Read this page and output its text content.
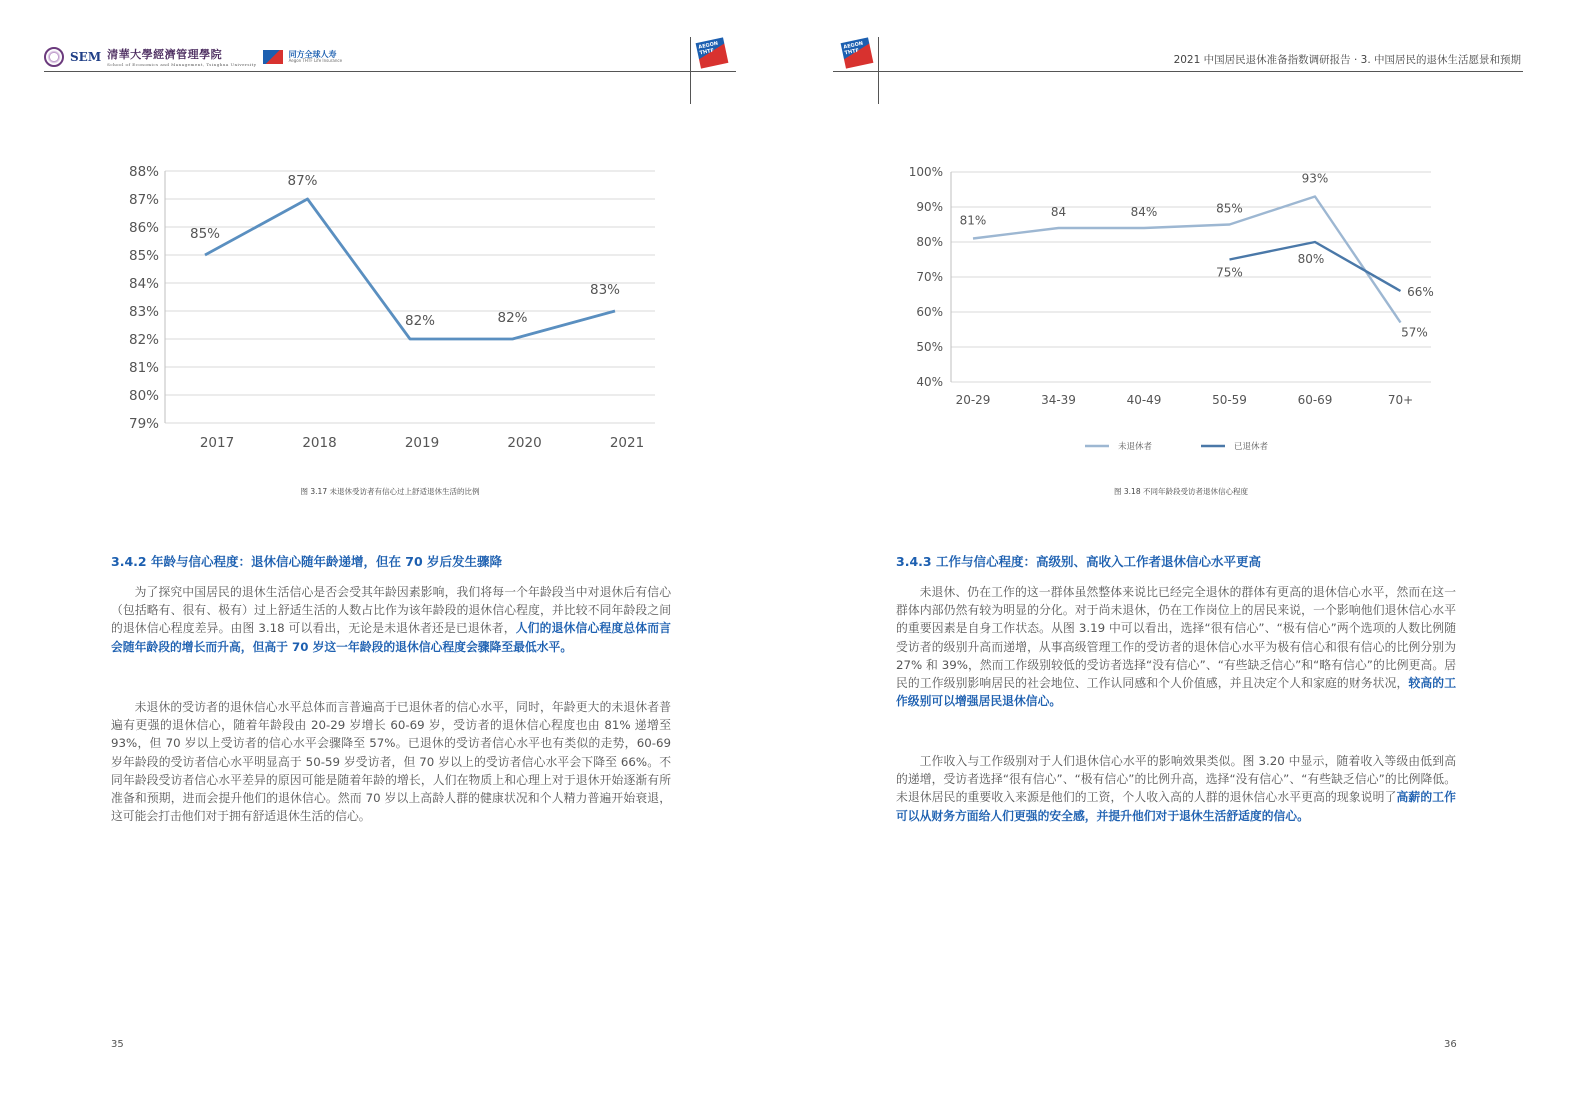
SEM 清華大學經濟管理學院
School of Economics and Management, Tsinghua University
同方全球人寿
Aegon THTF Life Insurance
AEGON THTF
88%
87%
86%
85%
84%
83%
82%
81%
80%
79%
2017	2018	2019	2020	2021
85%
87%
82%	82%
83%
图 3.17 未退休受访者有信心过上舒适退休生活的比例
3.4.2 年龄与信心程度：退休信心随年龄递增，但在 70 岁后发生骤降
为了探究中国居民的退休生活信心是否会受其年龄因素影响，我们将每一个年龄段当中对退休后有信心（包括略有、很有、极有）过上舒适生活的人数占比作为该年龄段的退休信心程度，并比较不同年龄段之间的退休信心程度差异。由图 3.18 可以看出，无论是未退休者还是已退休者，人们的退休信心程度总体而言会随年龄段的增长而升高，但高于 70 岁这一年龄段的退休信心程度会骤降至最低水平。
未退休的受访者的退休信心水平总体而言普遍高于已退休者的信心水平，同时，年龄更大的未退休者普遍有更强的退休信心，随着年龄段由 20-29 岁增长 60-69 岁，受访者的退休信心程度也由 81% 递增至 93%，但 70 岁以上受访者的信心水平会骤降至 57%。已退休的受访者信心水平也有类似的走势，60-69 岁年龄段的受访者信心水平明显高于 50-59 岁受访者，但 70 岁以上的受访者信心水平会下降至 66%。不同年龄段受访者信心水平差异的原因可能是随着年龄的增长，人们在物质上和心理上对于退休开始逐渐有所准备和预期，进而会提升他们的退休信心。然而 70 岁以上高龄人群的健康状况和个人精力普遍开始衰退，这可能会打击他们对于拥有舒适退休生活的信心。
35
AEGON THTF
2021 中国居民退休准备指数调研报告 · 3. 中国居民的退休生活愿景和预期
100%
90%
80%
70%
60%
50%
40%
20-29	34-39	40-49	50-59	60-69	70+
81%
84	84%	85%
93%
57%
75%
80%
66%
未退休者	已退休者
图 3.18 不同年龄段受访者退休信心程度
3.4.3 工作与信心程度：高级别、高收入工作者退休信心水平更高
未退休、仍在工作的这一群体虽然整体来说比已经完全退休的群体有更高的退休信心水平，然而在这一群体内部仍然有较为明显的分化。对于尚未退休，仍在工作岗位上的居民来说，一个影响他们退休信心水平的重要因素是自身工作状态。从图 3.19 中可以看出，选择“很有信心”、“极有信心”两个选项的人数比例随受访者的级别升高而递增，从事高级管理工作的受访者的退休信心水平为极有信心和很有信心的比例分别为 27% 和 39%，然而工作级别较低的受访者选择“没有信心”、“有些缺乏信心”和“略有信心”的比例更高。居民的工作级别影响居民的社会地位、工作认同感和个人价值感，并且决定个人和家庭的财务状况，较高的工作级别可以增强居民退休信心。
工作收入与工作级别对于人们退休信心水平的影响效果类似。图 3.20 中显示，随着收入等级由低到高的递增，受访者选择“很有信心”、“极有信心”的比例升高，选择“没有信心”、“有些缺乏信心”的比例降低。未退休居民的重要收入来源是他们的工资，个人收入高的人群的退休信心水平更高的现象说明了高薪的工作可以从财务方面给人们更强的安全感，并提升他们对于退休生活舒适度的信心。
36
